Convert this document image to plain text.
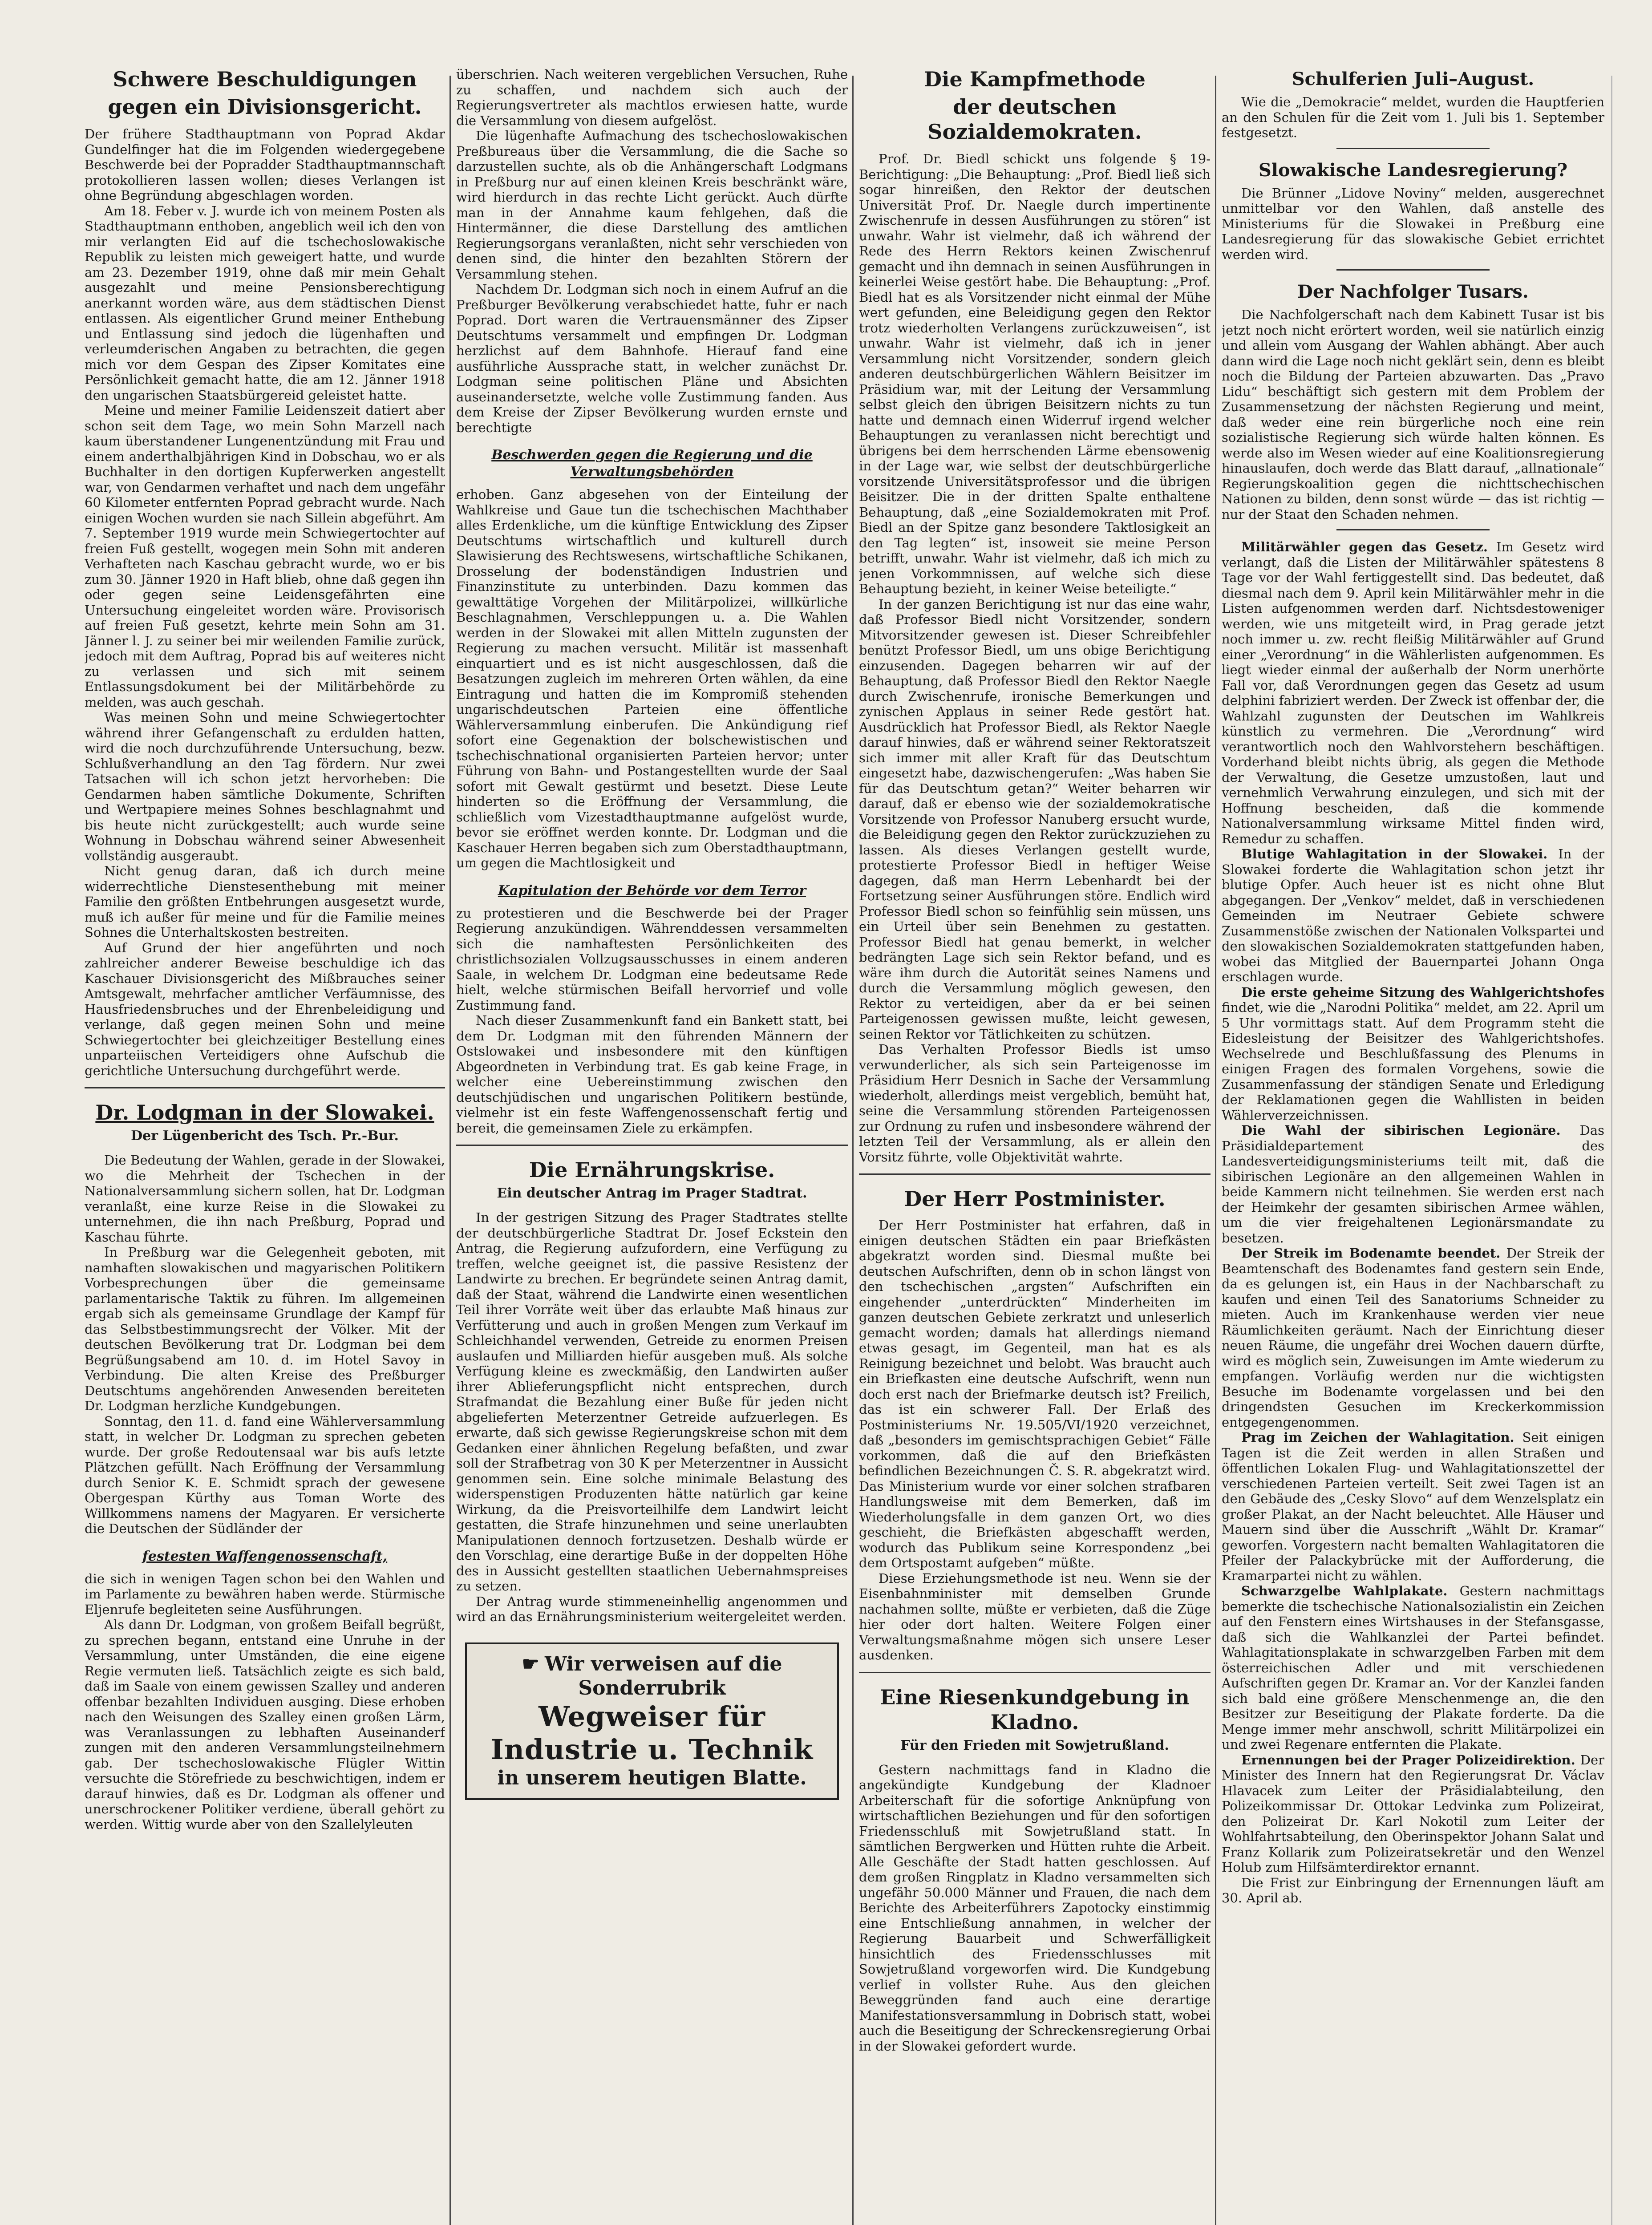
Schwere Beschuldigungen
gegen ein Divisionsgericht.

Der frühere Stadthauptmann von Poprad Akdar Gundelfinger hat die im Folgenden wiedergegebene Beschwerde bei der Popradder Stadthauptmannschaft protokollieren lassen wollen; dieses Verlangen ist ohne Begründung abgeschlagen worden.

Am 18. Feber v. J. wurde ich von meinem Posten als Stadthauptmann enthoben, angeblich weil ich den von mir verlangten Eid auf die tschechoslowakische Republik zu leisten mich geweigert hatte, und wurde am 23. Dezember 1919, ohne daß mir mein Gehalt ausgezahlt und meine Pensionsberechtigung anerkannt worden wäre, aus dem städtischen Dienst entlassen. Als eigentlicher Grund meiner Enthebung und Entlassung sind jedoch die lügenhaften und verleumderischen Angaben zu betrachten, die gegen mich vor dem Gespan des Zipser Komitates eine Persönlichkeit gemacht hatte, die am 12. Jänner 1918 den ungarischen Staatsbürgereid geleistet hatte.

Meine und meiner Familie Leidenszeit datiert aber schon seit dem Tage, wo mein Sohn Marzell nach kaum überstandener Lungenentzündung mit Frau und einem anderthalbjährigen Kind in Dobschau, wo er als Buchhalter in den dortigen Kupferwerken angestellt war, von Gendarmen verhaftet und nach dem ungefähr 60 Kilometer entfernten Poprad gebracht wurde. Nach einigen Wochen wurden sie nach Sillein abgeführt. Am 7. September 1919 wurde mein Schwiegertochter auf freien Fuß gestellt, wogegen mein Sohn mit anderen Verhafteten nach Kaschau gebracht wurde, wo er bis zum 30. Jänner 1920 in Haft blieb, ohne daß gegen ihn oder gegen seine Leidensgefährten eine Untersuchung eingeleitet worden wäre. Provisorisch auf freien Fuß gesetzt, kehrte mein Sohn am 31. Jänner l. J. zu seiner bei mir weilenden Familie zurück, jedoch mit dem Auftrag, Poprad bis auf weiteres nicht zu verlassen und sich mit seinem Entlassungsdokument bei der Militärbehörde zu melden, was auch geschah.

Was meinen Sohn und meine Schwiegertochter während ihrer Gefangenschaft zu erdulden hatten, wird die noch durchzuführende Untersuchung, bezw. Schlußverhandlung an den Tag fördern. Nur zwei Tatsachen will ich schon jetzt hervorheben: Die Gendarmen haben sämtliche Dokumente, Schriften und Wertpapiere meines Sohnes beschlagnahmt und bis heute nicht zurückgestellt; auch wurde seine Wohnung in Dobschau während seiner Abwesenheit vollständig ausgeraubt.

Nicht genug daran, daß ich durch meine widerrechtliche Dienstesenthebung mit meiner Familie den größten Entbehrungen ausgesetzt wurde, muß ich außer für meine und für die Familie meines Sohnes die Unterhaltskosten bestreiten.

Auf Grund der hier angeführten und noch zahlreicher anderer Beweise beschuldige ich das Kaschauer Divisionsgericht des Mißbrauches seiner Amtsgewalt, mehrfacher amtlicher Verfäumnisse, des Hausfriedensbruches und der Ehrenbeleidigung und verlange, daß gegen meinen Sohn und meine Schwiegertochter bei gleichzeitiger Bestellung eines unparteiischen Verteidigers ohne Aufschub die gerichtliche Untersuchung durchgeführt werde.

Dr. Lodgman in der Slowakei.
Der Lügenbericht des Tsch. Pr.-Bur.

Die Bedeutung der Wahlen, gerade in der Slowakei, wo die Mehrheit der Tschechen in der Nationalversammlung sichern sollen, hat Dr. Lodgman veranlaßt, eine kurze Reise in die Slowakei zu unternehmen, die ihn nach Preßburg, Poprad und Kaschau führte.

In Preßburg war die Gelegenheit geboten, mit namhaften slowakischen und magyarischen Politikern Vorbesprechungen über die gemeinsame parlamentarische Taktik zu führen. Im allgemeinen ergab sich als gemeinsame Grundlage der Kampf für das Selbstbestimmungsrecht der Völker. Mit der deutschen Bevölkerung trat Dr. Lodgman bei dem Begrüßungsabend am 10. d. im Hotel Savoy in Verbindung. Die alten Kreise des Preßburger Deutschtums angehörenden Anwesenden bereiteten Dr. Lodgman herzliche Kundgebungen.

Sonntag, den 11. d. fand eine Wählerversammlung statt, in welcher Dr. Lodgman zu sprechen gebeten wurde. Der große Redoutensaal war bis aufs letzte Plätzchen gefüllt. Nach Eröffnung der Versammlung durch Senior K. E. Schmidt sprach der gewesene Obergespan Kürthy aus Toman Worte des Willkommens namens der Magyaren. Er versicherte die Deutschen der Südländer der

festesten Waffengenossenschaft,

die sich in wenigen Tagen schon bei den Wahlen und im Parlamente zu bewähren haben werde. Stürmische Eljenrufe begleiteten seine Ausführungen.

Als dann Dr. Lodgman, von großem Beifall begrüßt, zu sprechen begann, entstand eine Unruhe in der Versammlung, unter Umständen, die eine eigene Regie vermuten ließ. Tatsächlich zeigte es sich bald, daß im Saale von einem gewissen Szalley und anderen offenbar bezahlten Individuen ausging. Diese erhoben nach den Weisungen des Szalley einen großen Lärm, was Veranlassungen zu lebhaften Auseinanderf zungen mit den anderen Versammlungsteilnehmern gab. Der tschechoslowakische Flügler Wittin versuchte die Störefriede zu beschwichtigen, indem er darauf hinwies, daß es Dr. Lodgman als offener und unerschrockener Politiker verdiene, überall gehört zu werden. Wittig wurde aber von den Szallelyleuten

überschrien. Nach weiteren vergeblichen Versuchen, Ruhe zu schaffen, und nachdem sich auch der Regierungsvertreter als machtlos erwiesen hatte, wurde die Versammlung von diesem aufgelöst.

Die lügenhafte Aufmachung des tschechoslowakischen Preßbureaus über die Versammlung, die die Sache so darzustellen suchte, als ob die Anhängerschaft Lodgmans in Preßburg nur auf einen kleinen Kreis beschränkt wäre, wird hierdurch in das rechte Licht gerückt. Auch dürfte man in der Annahme kaum fehlgehen, daß die Hintermänner, die diese Darstellung des amtlichen Regierungsorgans veranlaßten, nicht sehr verschieden von denen sind, die hinter den bezahlten Störern der Versammlung stehen.

Nachdem Dr. Lodgman sich noch in einem Aufruf an die Preßburger Bevölkerung verabschiedet hatte, fuhr er nach Poprad. Dort waren die Vertrauensmänner des Zipser Deutschtums versammelt und empfingen Dr. Lodgman herzlichst auf dem Bahnhofe. Hierauf fand eine ausführliche Aussprache statt, in welcher zunächst Dr. Lodgman seine politischen Pläne und Absichten auseinandersetzte, welche volle Zustimmung fanden. Aus dem Kreise der Zipser Bevölkerung wurden ernste und berechtigte

Beschwerden gegen die Regierung und die Verwaltungsbehörden

erhoben. Ganz abgesehen von der Einteilung der Wahlkreise und Gaue tun die tschechischen Machthaber alles Erdenkliche, um die künftige Entwicklung des Zipser Deutschtums wirtschaftlich und kulturell durch Slawisierung des Rechtswesens, wirtschaftliche Schikanen, Drosselung der bodenständigen Industrien und Finanzinstitute zu unterbinden. Dazu kommen das gewalttätige Vorgehen der Militärpolizei, willkürliche Beschlagnahmen, Verschleppungen u. a. Die Wahlen werden in der Slowakei mit allen Mitteln zugunsten der Regierung zu machen versucht. Militär ist massenhaft einquartiert und es ist nicht ausgeschlossen, daß die Besatzungen zugleich im mehreren Orten wählen, da eine Eintragung und hatten die im Kompromiß stehenden ungarischdeutschen Parteien eine öffentliche Wählerversammlung einberufen. Die Ankündigung rief sofort eine Gegenaktion der bolschewistischen und tschechischnational organisierten Parteien hervor; unter Führung von Bahn- und Postangestellten wurde der Saal sofort mit Gewalt gestürmt und besetzt. Diese Leute hinderten so die Eröffnung der Versammlung, die schließlich vom Vizestadthauptmanne aufgelöst wurde, bevor sie eröffnet werden konnte. Dr. Lodgman und die Kaschauer Herren begaben sich zum Oberstadthauptmann, um gegen die Machtlosigkeit und

Kapitulation der Behörde vor dem Terror

zu protestieren und die Beschwerde bei der Prager Regierung anzukündigen. Währenddessen versammelten sich die namhaftesten Persönlichkeiten des christlichsozialen Vollzugsausschusses in einem anderen Saale, in welchem Dr. Lodgman eine bedeutsame Rede hielt, welche stürmischen Beifall hervorrief und volle Zustimmung fand.

Nach dieser Zusammenkunft fand ein Bankett statt, bei dem Dr. Lodgman mit den führenden Männern der Ostslowakei und insbesondere mit den künftigen Abgeordneten in Verbindung trat. Es gab keine Frage, in welcher eine Uebereinstimmung zwischen den deutschjüdischen und ungarischen Politikern bestünde, vielmehr ist ein feste Waffengenossenschaft fertig und bereit, die gemeinsamen Ziele zu erkämpfen.

Die Ernährungskrise.
Ein deutscher Antrag im Prager Stadtrat.

In der gestrigen Sitzung des Prager Stadtrates stellte der deutschbürgerliche Stadtrat Dr. Josef Eckstein den Antrag, die Regierung aufzufordern, eine Verfügung zu treffen, welche geeignet ist, die passive Resistenz der Landwirte zu brechen. Er begründete seinen Antrag damit, daß der Staat, während die Landwirte einen wesentlichen Teil ihrer Vorräte weit über das erlaubte Maß hinaus zur Verfütterung und auch in großen Mengen zum Verkauf im Schleichhandel verwenden, Getreide zu enormen Preisen auslaufen und Milliarden hiefür ausgeben muß. Als solche Verfügung kleine es zweckmäßig, den Landwirten außer ihrer Ablieferungspflicht nicht entsprechen, durch Strafmandat die Bezahlung einer Buße für jeden nicht abgelieferten Meterzentner Getreide aufzuerlegen. Es erwarte, daß sich gewisse Regierungskreise schon mit dem Gedanken einer ähnlichen Regelung befaßten, und zwar soll der Strafbetrag von 30 K per Meterzentner in Aussicht genommen sein. Eine solche minimale Belastung des widerspenstigen Produzenten hätte natürlich gar keine Wirkung, da die Preisvorteilhilfe dem Landwirt leicht gestatten, die Strafe hinzunehmen und seine unerlaubten Manipulationen dennoch fortzusetzen. Deshalb würde er den Vorschlag, eine derartige Buße in der doppelten Höhe des in Aussicht gestellten staatlichen Uebernahmspreises zu setzen.

Der Antrag wurde stimmeneinhellig angenommen und wird an das Ernährungsministerium weitergeleitet werden.

☛ Wir verweisen auf die
Sonderrubrik
Wegweiser für Industrie u. Technik
in unserem heutigen Blatte.
Die Kampfmethode
der deutschen Sozialdemokraten.

Prof. Dr. Biedl schickt uns folgende § 19-Berichtigung: „Die Behauptung: „Prof. Biedl ließ sich sogar hinreißen, den Rektor der deutschen Universität Prof. Dr. Naegle durch impertinente Zwischenrufe in dessen Ausführungen zu stören“ ist unwahr. Wahr ist vielmehr, daß ich während der Rede des Herrn Rektors keinen Zwischenruf gemacht und ihn demnach in seinen Ausführungen in keinerlei Weise gestört habe. Die Behauptung: „Prof. Biedl hat es als Vorsitzender nicht einmal der Mühe wert gefunden, eine Beleidigung gegen den Rektor trotz wiederholten Verlangens zurückzuweisen“, ist unwahr. Wahr ist vielmehr, daß ich in jener Versammlung nicht Vorsitzender, sondern gleich anderen deutschbürgerlichen Wählern Beisitzer im Präsidium war, mit der Leitung der Versammlung selbst gleich den übrigen Beisitzern nichts zu tun hatte und demnach einen Widerruf irgend welcher Behauptungen zu veranlassen nicht berechtigt und übrigens bei dem herrschenden Lärme ebensowenig in der Lage war, wie selbst der deutschbürgerliche vorsitzende Universitätsprofessor und die übrigen Beisitzer. Die in der dritten Spalte enthaltene Behauptung, daß „eine Sozialdemokraten mit Prof. Biedl an der Spitze ganz besondere Taktlosigkeit an den Tag legten“ ist, insoweit sie meine Person betrifft, unwahr. Wahr ist vielmehr, daß ich mich zu jenen Vorkommnissen, auf welche sich diese Behauptung bezieht, in keiner Weise beteiligte.“

In der ganzen Berichtigung ist nur das eine wahr, daß Professor Biedl nicht Vorsitzender, sondern Mitvorsitzender gewesen ist. Dieser Schreibfehler benützt Professor Biedl, um uns obige Berichtigung einzusenden. Dagegen beharren wir auf der Behauptung, daß Professor Biedl den Rektor Naegle durch Zwischenrufe, ironische Bemerkungen und zynischen Applaus in seiner Rede gestört hat. Ausdrücklich hat Professor Biedl, als Rektor Naegle darauf hinwies, daß er während seiner Rektoratszeit sich immer mit aller Kraft für das Deutschtum eingesetzt habe, dazwischengerufen: „Was haben Sie für das Deutschtum getan?“ Weiter beharren wir darauf, daß er ebenso wie der sozialdemokratische Vorsitzende von Professor Nanuberg ersucht wurde, die Beleidigung gegen den Rektor zurückzuziehen zu lassen. Als dieses Verlangen gestellt wurde, protestierte Professor Biedl in heftiger Weise dagegen, daß man Herrn Lebenhardt bei der Fortsetzung seiner Ausführungen störe. Endlich wird Professor Biedl schon so feinfühlig sein müssen, uns ein Urteil über sein Benehmen zu gestatten. Professor Biedl hat genau bemerkt, in welcher bedrängten Lage sich sein Rektor befand, und es wäre ihm durch die Autorität seines Namens und durch die Versammlung möglich gewesen, den Rektor zu verteidigen, aber da er bei seinen Parteigenossen gewissen mußte, leicht gewesen, seinen Rektor vor Tätlichkeiten zu schützen.

Das Verhalten Professor Biedls ist umso verwunderlicher, als sich sein Parteigenosse im Präsidium Herr Desnich in Sache der Versammlung wiederholt, allerdings meist vergeblich, bemüht hat, seine die Versammlung störenden Parteigenossen zur Ordnung zu rufen und insbesondere während der letzten Teil der Versammlung, als er allein den Vorsitz führte, volle Objektivität wahrte.

Der Herr Postminister.

Der Herr Postminister hat erfahren, daß in einigen deutschen Städten ein paar Briefkästen abgekratzt worden sind. Diesmal mußte bei deutschen Aufschriften, denn ob in schon längst von den tschechischen „argsten“ Aufschriften ein eingehender „unterdrückten“ Minderheiten im ganzen deutschen Gebiete zerkratzt und unleserlich gemacht worden; damals hat allerdings niemand etwas gesagt, im Gegenteil, man hat es als Reinigung bezeichnet und belobt. Was braucht auch ein Briefkasten eine deutsche Aufschrift, wenn nun doch erst nach der Briefmarke deutsch ist? Freilich, das ist ein schwerer Fall. Der Erlaß des Postministeriums Nr. 19.505/VI/1920 verzeichnet, daß „besonders im gemischtsprachigen Gebiet“ Fälle vorkommen, daß die auf den Briefkästen befindlichen Bezeichnungen Č. S. R. abgekratzt wird. Das Ministerium wurde vor einer solchen strafbaren Handlungsweise mit dem Bemerken, daß im Wiederholungsfalle in dem ganzen Ort, wo dies geschieht, die Briefkästen abgeschafft werden, wodurch das Publikum seine Korrespondenz „bei dem Ortspostamt aufgeben“ müßte.

Diese Erziehungsmethode ist neu. Wenn sie der Eisenbahnminister mit demselben Grunde nachahmen sollte, müßte er verbieten, daß die Züge hier oder dort halten. Weitere Folgen einer Verwaltungsmaßnahme mögen sich unsere Leser ausdenken.

Eine Riesenkundgebung in Kladno.
Für den Frieden mit Sowjetrußland.

Gestern nachmittags fand in Kladno die angekündigte Kundgebung der Kladnoer Arbeiterschaft für die sofortige Anknüpfung von wirtschaftlichen Beziehungen und für den sofortigen Friedensschluß mit Sowjetrußland statt. In sämtlichen Bergwerken und Hütten ruhte die Arbeit. Alle Geschäfte der Stadt hatten geschlossen. Auf dem großen Ringplatz in Kladno versammelten sich ungefähr 50.000 Männer und Frauen, die nach dem Berichte des Arbeiterführers Zapotocky einstimmig eine Entschließung annahmen, in welcher der Regierung Bauarbeit und Schwerfälligkeit hinsichtlich des Friedensschlusses mit Sowjetrußland vorgeworfen wird. Die Kundgebung verlief in vollster Ruhe. Aus den gleichen Beweggründen fand auch eine derartige Manifestationsversammlung in Dobrisch statt, wobei auch die Beseitigung der Schreckensregierung Orbai in der Slowakei gefordert wurde.

Schulferien Juli–August.

Wie die „Demokracie“ meldet, wurden die Hauptferien an den Schulen für die Zeit vom 1. Juli bis 1. September festgesetzt.

Slowakische Landesregierung?

Die Brünner „Lidove Noviny“ melden, ausgerechnet unmittelbar vor den Wahlen, daß anstelle des Ministeriums für die Slowakei in Preßburg eine Landesregierung für das slowakische Gebiet errichtet werden wird.

Der Nachfolger Tusars.

Die Nachfolgerschaft nach dem Kabinett Tusar ist bis jetzt noch nicht erörtert worden, weil sie natürlich einzig und allein vom Ausgang der Wahlen abhängt. Aber auch dann wird die Lage noch nicht geklärt sein, denn es bleibt noch die Bildung der Parteien abzuwarten. Das „Pravo Lidu“ beschäftigt sich gestern mit dem Problem der Zusammensetzung der nächsten Regierung und meint, daß weder eine rein bürgerliche noch eine rein sozialistische Regierung sich würde halten können. Es werde also im Wesen wieder auf eine Koalitionsregierung hinauslaufen, doch werde das Blatt darauf, „allnationale“ Regierungskoalition gegen die nichttschechischen Nationen zu bilden, denn sonst würde — das ist richtig — nur der Staat den Schaden nehmen.

Militärwähler gegen das Gesetz. Im Gesetz wird verlangt, daß die Listen der Militärwähler spätestens 8 Tage vor der Wahl fertiggestellt sind. Das bedeutet, daß diesmal nach dem 9. April kein Militärwähler mehr in die Listen aufgenommen werden darf. Nichtsdestoweniger werden, wie uns mitgeteilt wird, in Prag gerade jetzt noch immer u. zw. recht fleißig Militärwähler auf Grund einer „Verordnung“ in die Wählerlisten aufgenommen. Es liegt wieder einmal der außerhalb der Norm unerhörte Fall vor, daß Verordnungen gegen das Gesetz ad usum delphini fabriziert werden. Der Zweck ist offenbar der, die Wahlzahl zugunsten der Deutschen im Wahlkreis künstlich zu vermehren. Die „Verordnung“ wird verantwortlich noch den Wahlvorstehern beschäftigen. Vorderhand bleibt nichts übrig, als gegen die Methode der Verwaltung, die Gesetze umzustoßen, laut und vernehmlich Verwahrung einzulegen, und sich mit der Hoffnung bescheiden, daß die kommende Nationalversammlung wirksame Mittel finden wird, Remedur zu schaffen.

Blutige Wahlagitation in der Slowakei. In der Slowakei forderte die Wahlagitation schon jetzt ihr blutige Opfer. Auch heuer ist es nicht ohne Blut abgegangen. Der „Venkov“ meldet, daß in verschiedenen Gemeinden im Neutraer Gebiete schwere Zusammenstöße zwischen der Nationalen Volkspartei und den slowakischen Sozialdemokraten stattgefunden haben, wobei das Mitglied der Bauernpartei Johann Onga erschlagen wurde.

Die erste geheime Sitzung des Wahlgerichtshofes findet, wie die „Narodni Politika“ meldet, am 22. April um 5 Uhr vormittags statt. Auf dem Programm steht die Eidesleistung der Beisitzer des Wahlgerichtshofes. Wechselrede und Beschlußfassung des Plenums in einigen Fragen des formalen Vorgehens, sowie die Zusammenfassung der ständigen Senate und Erledigung der Reklamationen gegen die Wahllisten in beiden Wählerverzeichnissen.

Die Wahl der sibirischen Legionäre. Das Präsidialdepartement des Landesverteidigungsministeriums teilt mit, daß die sibirischen Legionäre an den allgemeinen Wahlen in beide Kammern nicht teilnehmen. Sie werden erst nach der Heimkehr der gesamten sibirischen Armee wählen, um die vier freigehaltenen Legionärsmandate zu besetzen.

Der Streik im Bodenamte beendet. Der Streik der Beamtenschaft des Bodenamtes fand gestern sein Ende, da es gelungen ist, ein Haus in der Nachbarschaft zu kaufen und einen Teil des Sanatoriums Schneider zu mieten. Auch im Krankenhause werden vier neue Räumlichkeiten geräumt. Nach der Einrichtung dieser neuen Räume, die ungefähr drei Wochen dauern dürfte, wird es möglich sein, Zuweisungen im Amte wiederum zu empfangen. Vorläufig werden nur die wichtigsten Besuche im Bodenamte vorgelassen und bei den dringendsten Gesuchen im Kreckerkommission entgegengenommen.

Prag im Zeichen der Wahlagitation. Seit einigen Tagen ist die Zeit werden in allen Straßen und öffentlichen Lokalen Flug- und Wahlagitationszettel der verschiedenen Parteien verteilt. Seit zwei Tagen ist an den Gebäude des „Cesky Slovo“ auf dem Wenzelsplatz ein großer Plakat, an der Nacht beleuchtet. Alle Häuser und Mauern sind über die Ausschrift „Wählt Dr. Kramar“ geworfen. Vorgestern nacht bemalten Wahlagitatoren die Pfeiler der Palackybrücke mit der Aufforderung, die Kramarpartei nicht zu wählen.

Schwarzgelbe Wahlplakate. Gestern nachmittags bemerkte die tschechische Nationalsozialistin ein Zeichen auf den Fenstern eines Wirtshauses in der Stefansgasse, daß sich die Wahlkanzlei der Partei befindet. Wahlagitationsplakate in schwarzgelben Farben mit dem österreichischen Adler und mit verschiedenen Aufschriften gegen Dr. Kramar an. Vor der Kanzlei fanden sich bald eine größere Menschenmenge an, die den Besitzer zur Beseitigung der Plakate forderte. Da die Menge immer mehr anschwoll, schritt Militärpolizei ein und zwei Regenare entfernten die Plakate.

Ernennungen bei der Prager Polizeidirektion. Der Minister des Innern hat den Regierungsrat Dr. Václav Hlavacek zum Leiter der Präsidialabteilung, den Polizeikommissar Dr. Ottokar Ledvinka zum Polizeirat, den Polizeirat Dr. Karl Nokotil zum Leiter der Wohlfahrtsabteilung, den Oberinspektor Johann Salat und Franz Kollarik zum Polizeiratsekretär und den Wenzel Holub zum Hilfsämterdirektor ernannt.

Die Frist zur Einbringung der Ernennungen läuft am 30. April ab.
